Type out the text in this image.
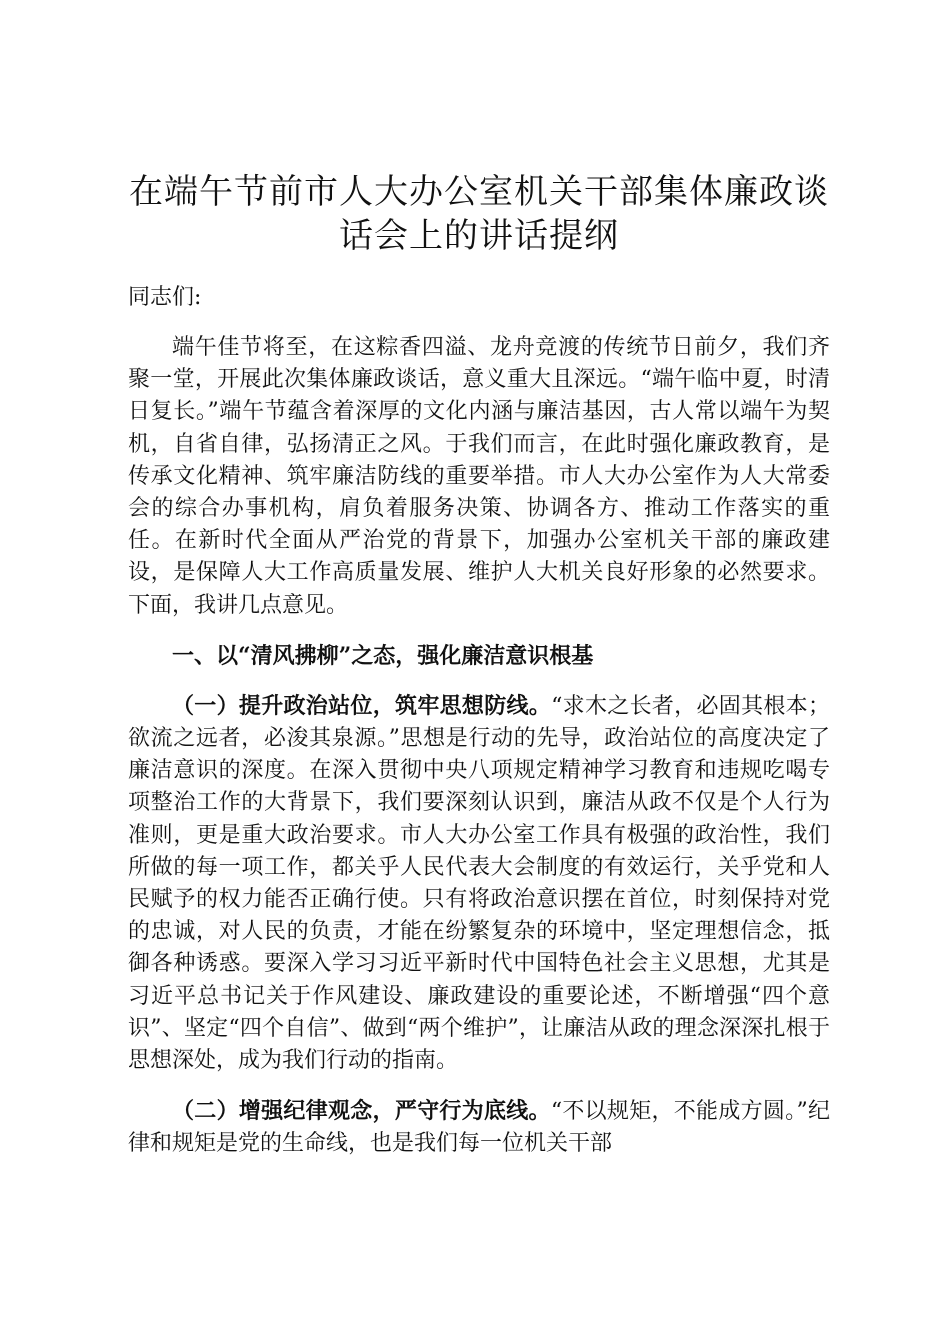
在端午节前市人大办公室机关干部集体廉政谈
话会上的讲话提纲

同志们:

端午佳节将至，在这粽香四溢、龙舟竞渡的传统节日前夕，我们齐聚一堂，开展此次集体廉政谈话，意义重大且深远。“端午临中夏，时清日复长。”端午节蕴含着深厚的文化内涵与廉洁基因，古人常以端午为契机，自省自律，弘扬清正之风。于我们而言，在此时强化廉政教育，是传承文化精神、筑牢廉洁防线的重要举措。市人大办公室作为人大常委会的综合办事机构，肩负着服务决策、协调各方、推动工作落实的重任。在新时代全面从严治党的背景下，加强办公室机关干部的廉政建设，是保障人大工作高质量发展、维护人大机关良好形象的必然要求。下面，我讲几点意见。

一、以“清风拂柳”之态，强化廉洁意识根基

（一）提升政治站位，筑牢思想防线。“求木之长者，必固其根本；欲流之远者，必浚其泉源。”思想是行动的先导，政治站位的高度决定了廉洁意识的深度。在深入贯彻中央八项规定精神学习教育和违规吃喝专项整治工作的大背景下，我们要深刻认识到，廉洁从政不仅是个人行为准则，更是重大政治要求。市人大办公室工作具有极强的政治性，我们所做的每一项工作，都关乎人民代表大会制度的有效运行，关乎党和人民赋予的权力能否正确行使。只有将政治意识摆在首位，时刻保持对党的忠诚，对人民的负责，才能在纷繁复杂的环境中，坚定理想信念，抵御各种诱惑。要深入学习习近平新时代中国特色社会主义思想，尤其是习近平总书记关于作风建设、廉政建设的重要论述，不断增强“四个意识”、坚定“四个自信”、做到“两个维护”，让廉洁从政的理念深深扎根于思想深处，成为我们行动的指南。

（二）增强纪律观念，严守行为底线。“不以规矩，不能成方圆。”纪律和规矩是党的生命线，也是我们每一位机关干部
